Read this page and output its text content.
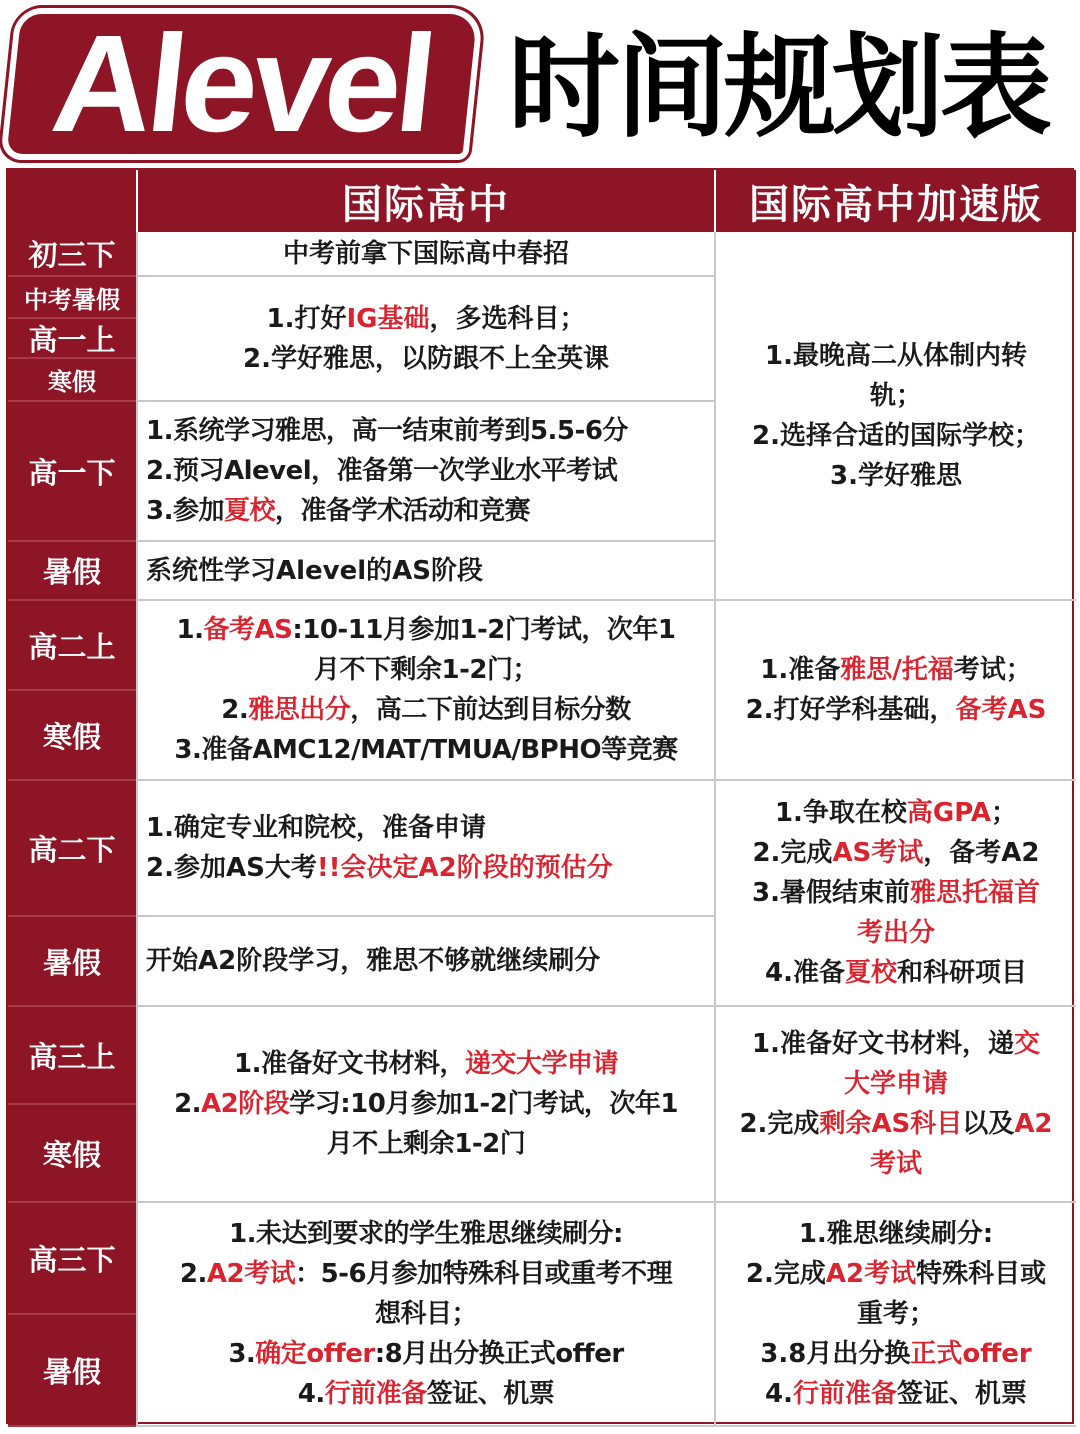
Alevel 时间规划表
国际高中	国际高中加速版
初三下
中考暑假
高一上
寒假
高一下
暑假
高二上
寒假
高二下
暑假
高三上
寒假
高三下
暑假
中考前拿下国际高中春招
1.打好IG基础，多选科目；
2.学好雅思，以防跟不上全英课
1.系统学习雅思，高一结束前考到5.5-6分
2.预习Alevel，准备第一次学业水平考试
3.参加夏校，准备学术活动和竞赛
系统性学习Alevel的AS阶段
1.备考AS:10-11月参加1-2门考试，次年1
月不下剩余1-2门；
2.雅思出分，高二下前达到目标分数
3.准备AMC12/MAT/TMUA/BPHO等竞赛
1.确定专业和院校，准备申请
2.参加AS大考!!会决定A2阶段的预估分
开始A2阶段学习，雅思不够就继续刷分
1.准备好文书材料，递交大学申请
2.A2阶段学习:10月参加1-2门考试，次年1
月不上剩余1-2门
1.未达到要求的学生雅思继续刷分:
2.A2考试：5-6月参加特殊科目或重考不理
想科目；
3.确定offer:8月出分换正式offer
4.行前准备签证、机票
1.最晚高二从体制内转
轨；
2.选择合适的国际学校；
3.学好雅思
1.准备雅思/托福考试；
2.打好学科基础，备考AS
1.争取在校高GPA；
2.完成AS考试，备考A2
3.暑假结束前雅思托福首
考出分
4.准备夏校和科研项目
1.准备好文书材料，递交
大学申请
2.完成剩余AS科目以及A2
考试
1.雅思继续刷分:
2.完成A2考试特殊科目或
重考；
3.8月出分换正式offer
4.行前准备签证、机票
